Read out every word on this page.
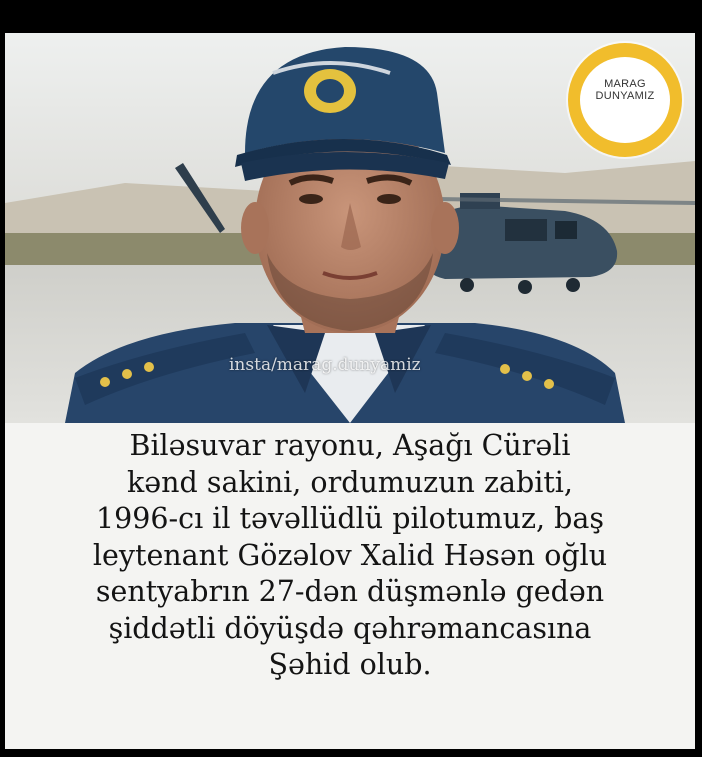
insta/marag.dunyamiz
MARAG
DUNYAMIZ
Biləsuvar rayonu, Aşağı Cürəli
kənd sakini, ordumuzun zabiti,
1996-cı il təvəllüdlü pilotumuz, baş
leytenant Gözəlov Xalid Həsən oğlu
sentyabrın 27-dən düşmənlə gedən
şiddətli döyüşdə qəhrəmancasına
Şəhid olub.
